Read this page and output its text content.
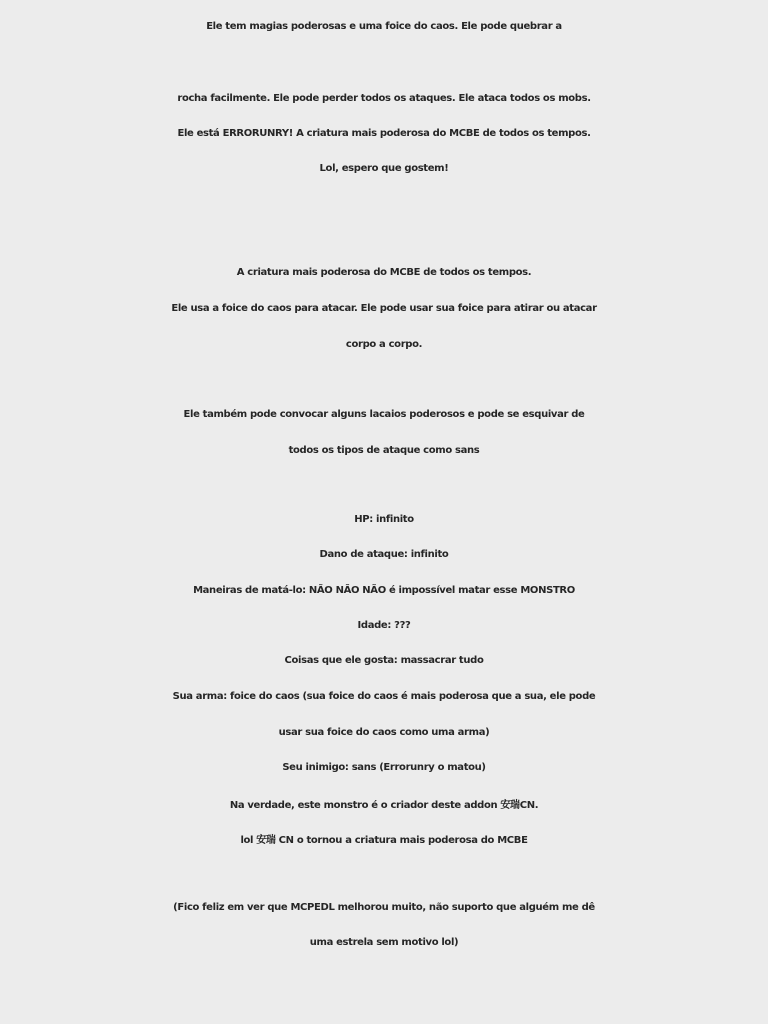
Ele tem magias poderosas e uma foice do caos. Ele pode quebrar a
rocha facilmente. Ele pode perder todos os ataques. Ele ataca todos os mobs.
Ele está ERRORUNRY! A criatura mais poderosa do MCBE de todos os tempos.
Lol, espero que gostem!
A criatura mais poderosa do MCBE de todos os tempos.
Ele usa a foice do caos para atacar. Ele pode usar sua foice para atirar ou atacar
corpo a corpo.
Ele também pode convocar alguns lacaios poderosos e pode se esquivar de
todos os tipos de ataque como sans
HP: infinito
Dano de ataque: infinito
Maneiras de matá-lo: NÃO NÃO NÃO é impossível matar esse MONSTRO
Idade: ???
Coisas que ele gosta: massacrar tudo
Sua arma: foice do caos (sua foice do caos é mais poderosa que a sua, ele pode
usar sua foice do caos como uma arma)
Seu inimigo: sans (Errorunry o matou)
Na verdade, este monstro é o criador deste addon 安瑞CN.
lol 安瑞 CN o tornou a criatura mais poderosa do MCBE
(Fico feliz em ver que MCPEDL melhorou muito, não suporto que alguém me dê
uma estrela sem motivo lol)
